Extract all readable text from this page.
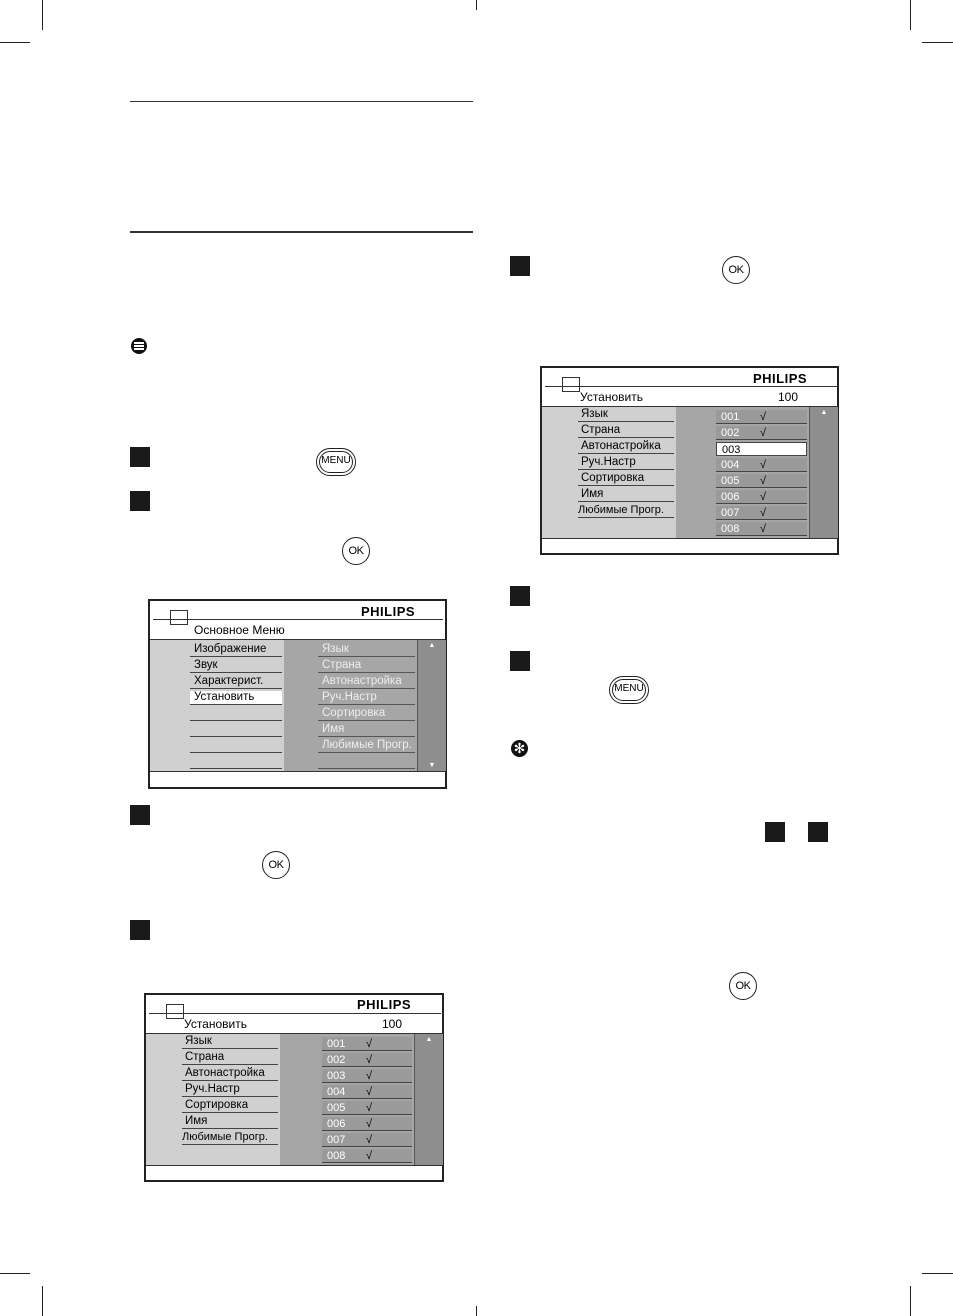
MENU
OK
PHILIPS
Основное Меню
▲
▼
Изображение
Звук
Характерист.
Установить
Язык
Страна
Автонастройка
Руч.Настр
Сортировка
Имя
Любимые Прогр.
OK
PHILIPS
Установить	100
▲
Язык
Страна
Автонастройка
Руч.Настр
Сортировка
Имя
Любимые Прогр.
001 √
002 √
003 √
004 √
005 √
006 √
007 √
008 √
OK
PHILIPS
Установить	100
▲
Язык
Страна
Автонастройка
Руч.Настр
Сортировка
Имя
Любимые Прогр.
001 √
002 √
003
004 √
005 √
006 √
007 √
008 √
MENU
✻
OK
